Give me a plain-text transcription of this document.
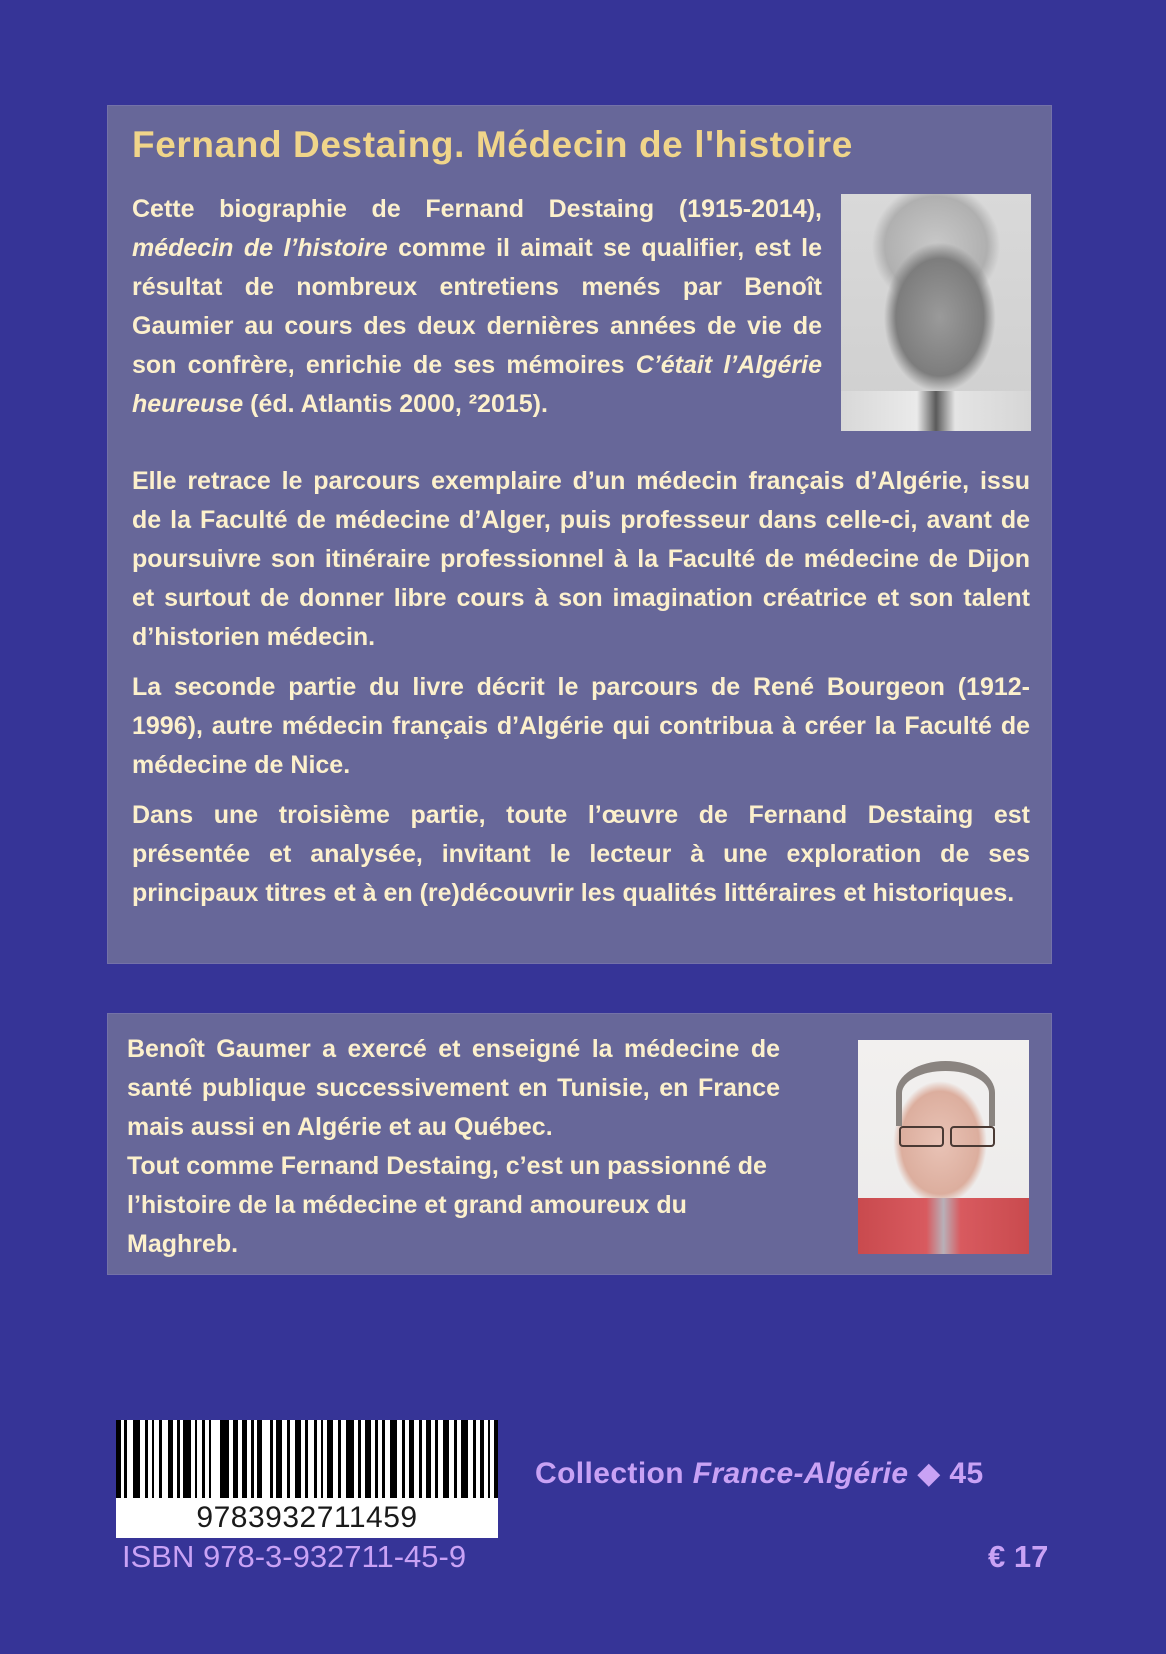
Fernand Destaing. Médecin de l'histoire
Cette biographie de Fernand Destaing (1915-2014), médecin de l’histoire comme il aimait se qualifier, est le résultat de nombreux entretiens menés par Benoît Gaumier au cours des deux dernières années de vie de son confrère, enrichie de ses mémoires C’était l’Algérie heureuse (éd. Atlantis 2000, ²2015).

Elle retrace le parcours exemplaire d’un médecin français d’Algérie, issu de la Faculté de médecine d’Alger, puis professeur dans celle-ci, avant de poursuivre son itinéraire professionnel à la Faculté de médecine de Dijon et surtout de donner libre cours à son imagination créatrice et son talent d’historien médecin.

La seconde partie du livre décrit le parcours de René Bourgeon (1912-1996), autre médecin français d’Algérie qui contribua à créer la Faculté de médecine de Nice.

Dans une troisième partie, toute l’œuvre de Fernand Destaing est présentée et analysée, invitant le lecteur à une exploration de ses principaux titres et à en (re)découvrir les qualités littéraires et historiques.

Benoît Gaumer a exercé et enseigné la médecine de santé publique successivement en Tunisie, en France mais aussi en Algérie et au Québec.

Tout comme Fernand Destaing, c’est un passionné de l’histoire de la médecine et grand amoureux du Maghreb.

9783932711459
Collection France-Algérie ◆ 45
ISBN 978-3-932711-45-9	€ 17
